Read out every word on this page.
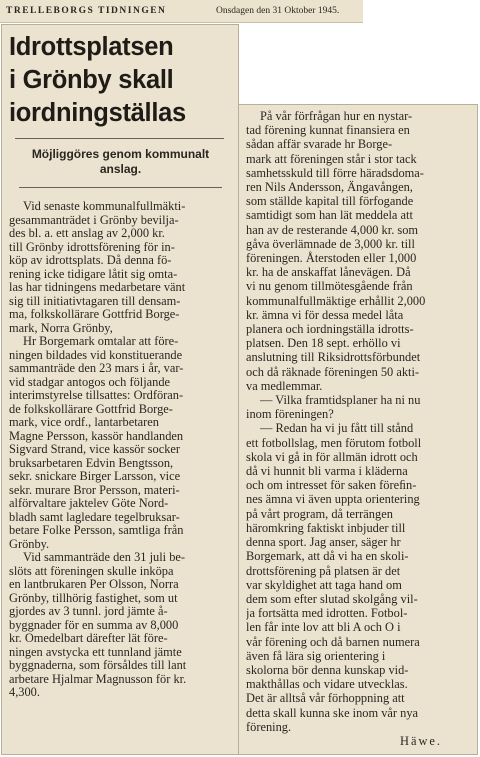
TRELLEBORGS TIDNINGEN	Onsdagen den 31 Oktober 1945.
Idrottsplatsen
i Grönby skall
iordningställas
Möjliggöres genom kommunalt
anslag.
Vid senaste kommunalfullmäkti-
gesammanträdet i Grönby bevilja-
des bl. a. ett anslag av 2,000 kr.
till Grönby idrottsförening för in-
köp av idrottsplats. Då denna fö-
rening icke tidigare låtit sig omta-
las har tidningens medarbetare vänt
sig till initiativtagaren till densam-
ma, folkskollärare Gottfrid Borge-
mark, Norra Grönby,
Hr Borgemark omtalar att före-
ningen bildades vid konstituerande
sammanträde den 23 mars i år, var-
vid stadgar antogos och följande
interimstyrelse tillsattes: Ordföran-
de folkskollärare Gottfrid Borge-
mark, vice ordf., lantarbetaren
Magne Persson, kassör handlanden
Sigvard Strand, vice kassör socker
bruksarbetaren Edvin Bengtsson,
sekr. snickare Birger Larsson, vice
sekr. murare Bror Persson, materi-
alförvaltare jaktelev Göte Nord-
bladh samt lagledare tegelbruksar-
betare Folke Persson, samtliga från
Grönby.
Vid sammanträde den 31 juli be-
slöts att föreningen skulle inköpa
en lantbrukaren Per Olsson, Norra
Grönby, tillhörig fastighet, som ut
gjordes av 3 tunnl. jord jämte å-
byggnader för en summa av 8,000
kr. Omedelbart därefter lät före-
ningen avstycka ett tunnland jämte
byggnaderna, som försåldes till lant
arbetare Hjalmar Magnusson för kr.
4,300.
På vår förfrågan hur en nystar-
tad förening kunnat finansiera en
sådan affär svarade hr Borge-
mark att föreningen står i stor tack
samhetsskuld till förre häradsdoma-
ren Nils Andersson, Ängavången,
som ställde kapital till förfogande
samtidigt som han lät meddela att
han av de resterande 4,000 kr. som
gåva överlämnade de 3,000 kr. till
föreningen. Återstoden eller 1,000
kr. ha de anskaffat lånevägen. Då
vi nu genom tillmötesgående från
kommunalfullmäktige erhållit 2,000
kr. ämna vi för dessa medel låta
planera och iordningställa idrotts-
platsen. Den 18 sept. erhöllo vi
anslutning till Riksidrottsförbundet
och då räknade föreningen 50 akti-
va medlemmar.
— Vilka framtidsplaner ha ni nu
inom föreningen?
— Redan ha vi ju fått till stånd
ett fotbollslag, men förutom fotboll
skola vi gå in för allmän idrott och
då vi hunnit bli varma i kläderna
och om intresset för saken föreﬁn-
nes ämna vi även uppta orientering
på vårt program, då terrängen
häromkring faktiskt inbjuder till
denna sport. Jag anser, säger hr
Borgemark, att då vi ha en skoli-
drottsförening på platsen är det
var skyldighet att taga hand om
dem som efter slutad skolgång vil-
ja fortsätta med idrotten. Fotbol-
len får inte lov att bli A och O i
vår förening och då barnen numera
även få lära sig orientering i
skolorna bör denna kunskap vid-
makthållas och vidare utvecklas.
Det är alltså vår förhoppning att
detta skall kunna ske inom vår nya
förening.
Häwe.
